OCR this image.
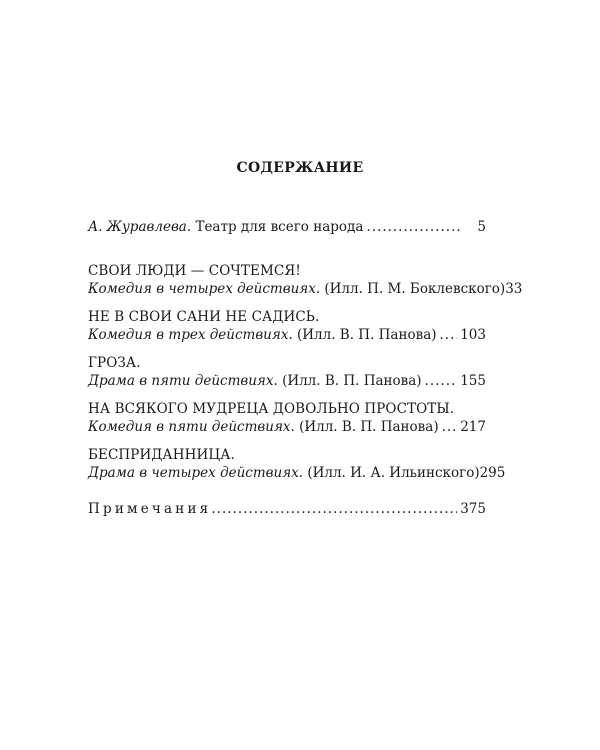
СОДЕРЖАНИЕ
А. Журавлева. Театр для всего народа .....	5
СВОИ ЛЮДИ — СОЧТЕМСЯ!
Комедия в четырех действиях. (Илл. П. М. Боклевского) 33
НЕ В СВОИ САНИ НЕ САДИСЬ.
Комедия в трех действиях. (Илл. В. П. Панова) ..... 103
ГРОЗА.
Драма в пяти действиях. (Илл. В. П. Панова) .....	155
НА ВСЯКОГО МУДРЕЦА ДОВОЛЬНО ПРОСТОТЫ.
Комедия в пяти действиях. (Илл. В. П. Панова) ..... 217
БЕСПРИДАННИЦА.
Драма в четырех действиях. (Илл. И. А. Ильинского) 295
Примечания .....	375
